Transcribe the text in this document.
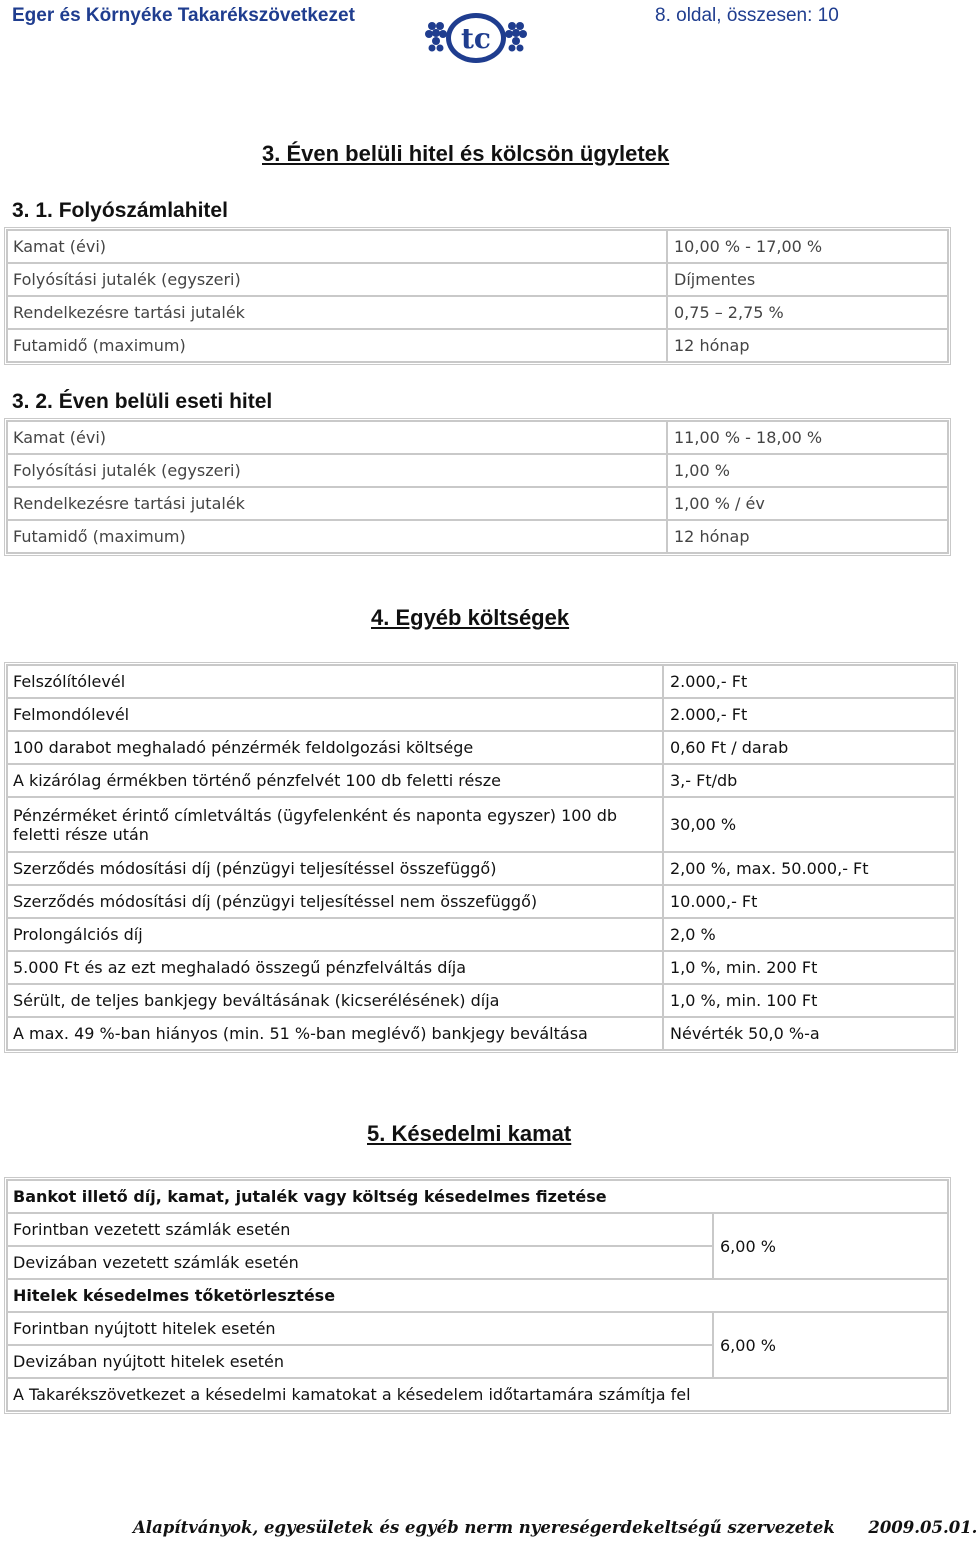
Eger és Környéke Takarékszövetkezet
tc
8. oldal, összesen: 10
3. Éven belüli hitel és kölcsön ügyletek
3. 1. Folyószámlahitel
Kamat (évi)	10,00 % - 17,00 %
Folyósítási jutalék (egyszeri)	Díjmentes
Rendelkezésre tartási jutalék	0,75 – 2,75 %
Futamidő (maximum)	12 hónap
3. 2. Éven belüli eseti hitel
Kamat (évi)	11,00 % - 18,00 %
Folyósítási jutalék (egyszeri)	1,00 %
Rendelkezésre tartási jutalék	1,00 % / év
Futamidő (maximum)	12 hónap
4. Egyéb költségek
Felszólítólevél	2.000,- Ft
Felmondólevél	2.000,- Ft
100 darabot meghaladó pénzérmék feldolgozási költsége	0,60 Ft / darab
A kizárólag érmékben történő pénzfelvét 100 db feletti része	3,- Ft/db
Pénzérméket érintő címletváltás (ügyfelenként és naponta egyszer) 100 db feletti része után	30,00 %
Szerződés módosítási díj (pénzügyi teljesítéssel összefüggő)	2,00 %, max. 50.000,- Ft
Szerződés módosítási díj (pénzügyi teljesítéssel nem összefüggő)	10.000,- Ft
Prolongálciós díj	2,0 %
5.000 Ft és az ezt meghaladó összegű pénzfelváltás díja	1,0 %, min. 200 Ft
Sérült, de teljes bankjegy beváltásának (kicserélésének) díja	1,0 %, min. 100 Ft
A max. 49 %-ban hiányos (min. 51 %-ban meglévő) bankjegy beváltása	Névérték 50,0 %-a
5. Késedelmi kamat
Bankot illető díj, kamat, jutalék vagy költség késedelmes fizetése	
Forintban vezetett számlák esetén	6,00 %
Devizában vezetett számlák esetén	
Hitelek késedelmes tőketörlesztése	
Forintban nyújtott hitelek esetén	6,00 %
Devizában nyújtott hitelek esetén	
A Takarékszövetkezet a késedelmi kamatokat a késedelem időtartamára számítja fel	
Alapítványok, egyesületek és egyéb nerm nyereségerdekeltségű szervezetek 2009.05.01.
